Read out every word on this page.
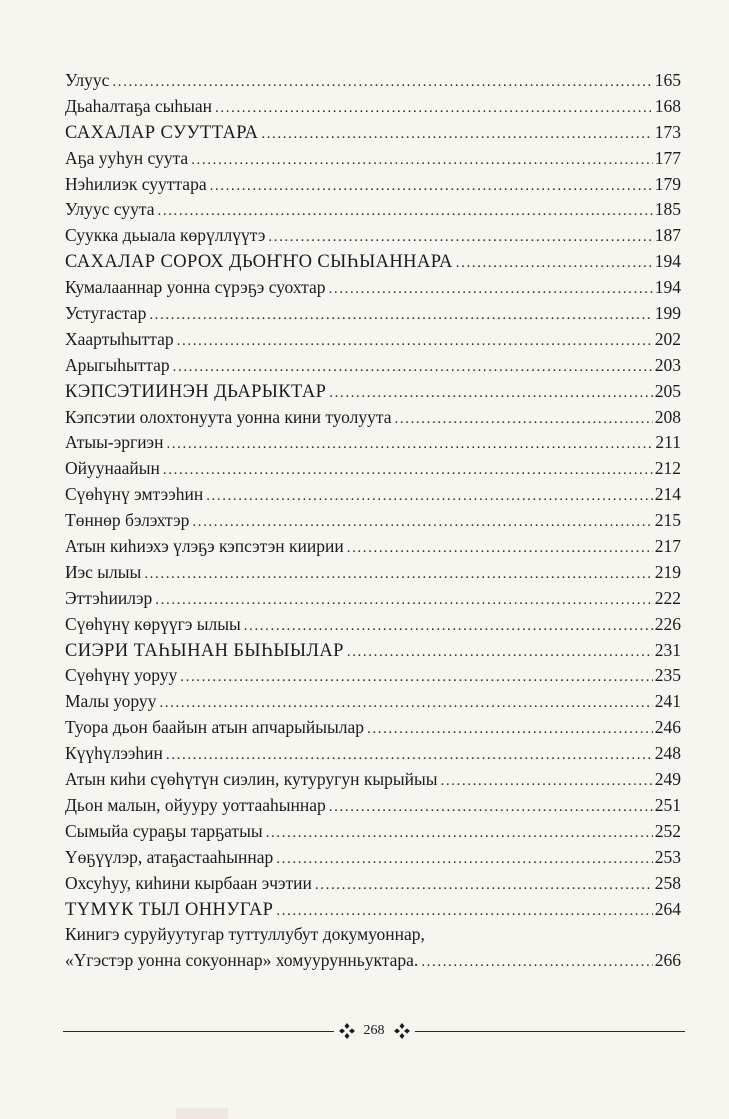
Улуус .....	165
Дьаһалтаҕа сыһыан .....	168
САХАЛАР СУУТТАРА .....	173
Аҕа ууһун суута .....	177
Нэһилиэк сууттара .....	179
Улуус суута .....	185
Суукка дьыала көрүллүүтэ .....	187
САХАЛАР СОРОХ ДЬОҤҤО СЫҺЫАННАРА .....	194
Кумалааннар уонна сүрэҕэ суохтар .....	194
Устугастар .....	199
Хаартыһыттар .....	202
Арыгыһыттар .....	203
КЭПСЭТИИНЭН ДЬАРЫКТАР .....	205
Кэпсэтии олохтонуута уонна кини туолуута .....	208
Атыы-эргиэн .....	211
Ойуунаайын .....	212
Сүөһүнү эмтээһин .....	214
Төннөр бэлэхтэр .....	215
Атын киһиэхэ үлэҕэ кэпсэтэн киирии .....	217
Иэс ылыы .....	219
Эттэһиилэр .....	222
Сүөһүнү көрүүгэ ылыы .....	226
СИЭРИ ТАҺЫНАН БЫҺЫЫЛАР .....	231
Сүөһүнү уоруу .....	235
Малы уоруу .....	241
Туора дьон баайын атын апчарыйыылар .....	246
Күүһүлээһин .....	248
Атын киһи сүөһүтүн сиэлин, кутуругун кырыйыы .....	249
Дьон малын, ойууру уоттааһыннар .....	251
Сымыйа сураҕы тарҕатыы .....	252
Үөҕүүлэр, атаҕастааһыннар .....	253
Охсуһуу, киһини кырбаан эчэтии .....	258
ТҮМҮК ТЫЛ ОННУГАР .....	264
Кинигэ суруйуутугар туттуллубут докумуоннар,
«Үгэстэр уонна сокуоннар» хомуурунньуктара. .....	266
268
